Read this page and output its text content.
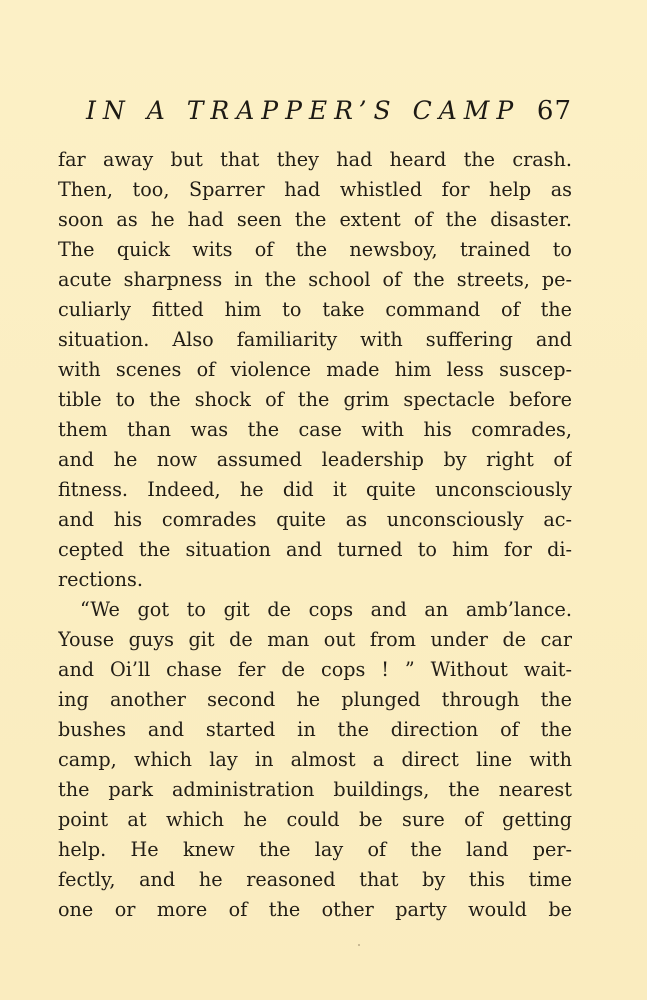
IN A TRAPPER’S CAMP 67
far away but that they had heard the crash.
Then, too, Sparrer had whistled for help as
soon as he had seen the extent of the disaster.
The quick wits of the newsboy, trained to
acute sharpness in the school of the streets, pe-
culiarly fitted him to take command of the
situation. Also familiarity with suffering and
with scenes of violence made him less suscep-
tible to the shock of the grim spectacle before
them than was the case with his comrades,
and he now assumed leadership by right of
fitness. Indeed, he did it quite unconsciously
and his comrades quite as unconsciously ac-
cepted the situation and turned to him for di-
rections.
“We got to git de cops and an amb’lance.
Youse guys git de man out from under de car
and Oi’ll chase fer de cops ! ” Without wait-
ing another second he plunged through the
bushes and started in the direction of the
camp, which lay in almost a direct line with
the park administration buildings, the nearest
point at which he could be sure of getting
help. He knew the lay of the land per-
fectly, and he reasoned that by this time
one or more of the other party would be
